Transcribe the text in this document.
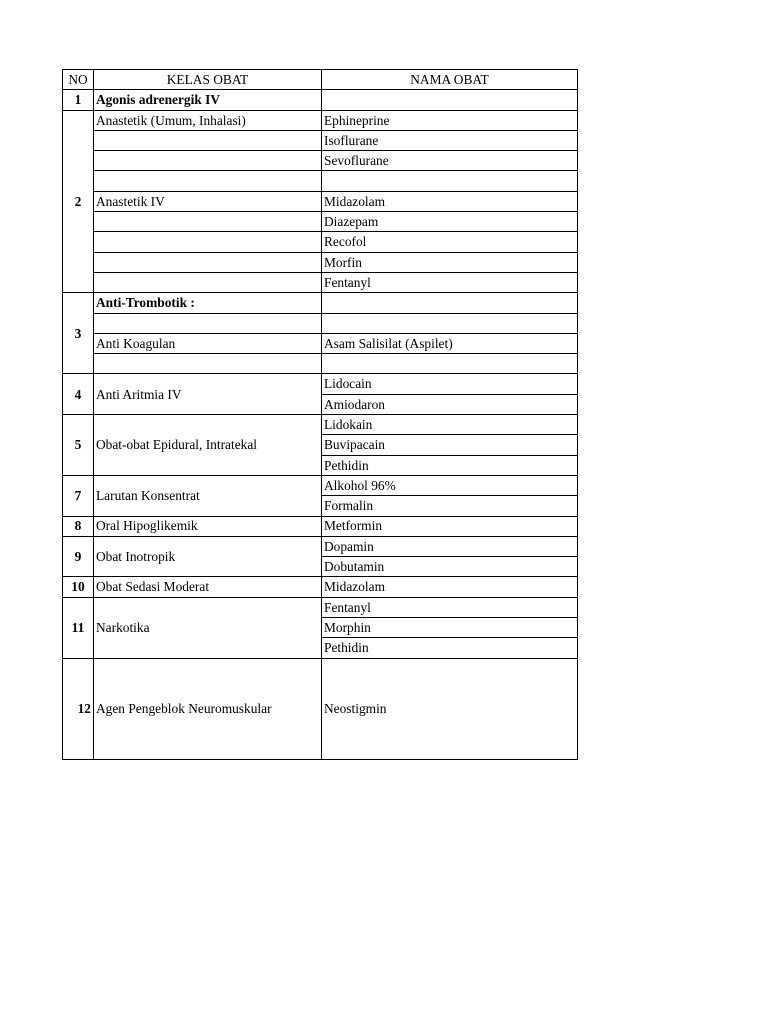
NO	KELAS OBAT	NAMA OBAT
1	Agonis adrenergik IV	
2	Anastetik (Umum, Inhalasi)	Ephineprine
		Isoflurane
		Sevoflurane

	Anastetik IV	Midazolam
		Diazepam
		Recofol
		Morfin
		Fentanyl
3	Anti-Trombotik :	

	Anti Koagulan	Asam Salisilat (Aspilet)

4	Anti Aritmia IV	Lidocain
		Amiodaron
5	Obat-obat Epidural, Intratekal	Lidokain
		Buvipacain
		Pethidin
7	Larutan Konsentrat	Alkohol 96%
		Formalin
8	Oral Hipoglikemik	Metformin
9	Obat Inotropik	Dopamin
		Dobutamin
10	Obat Sedasi Moderat	Midazolam
11	Narkotika	Fentanyl
		Morphin
		Pethidin
12	Agen Pengeblok Neuromuskular	Neostigmin
